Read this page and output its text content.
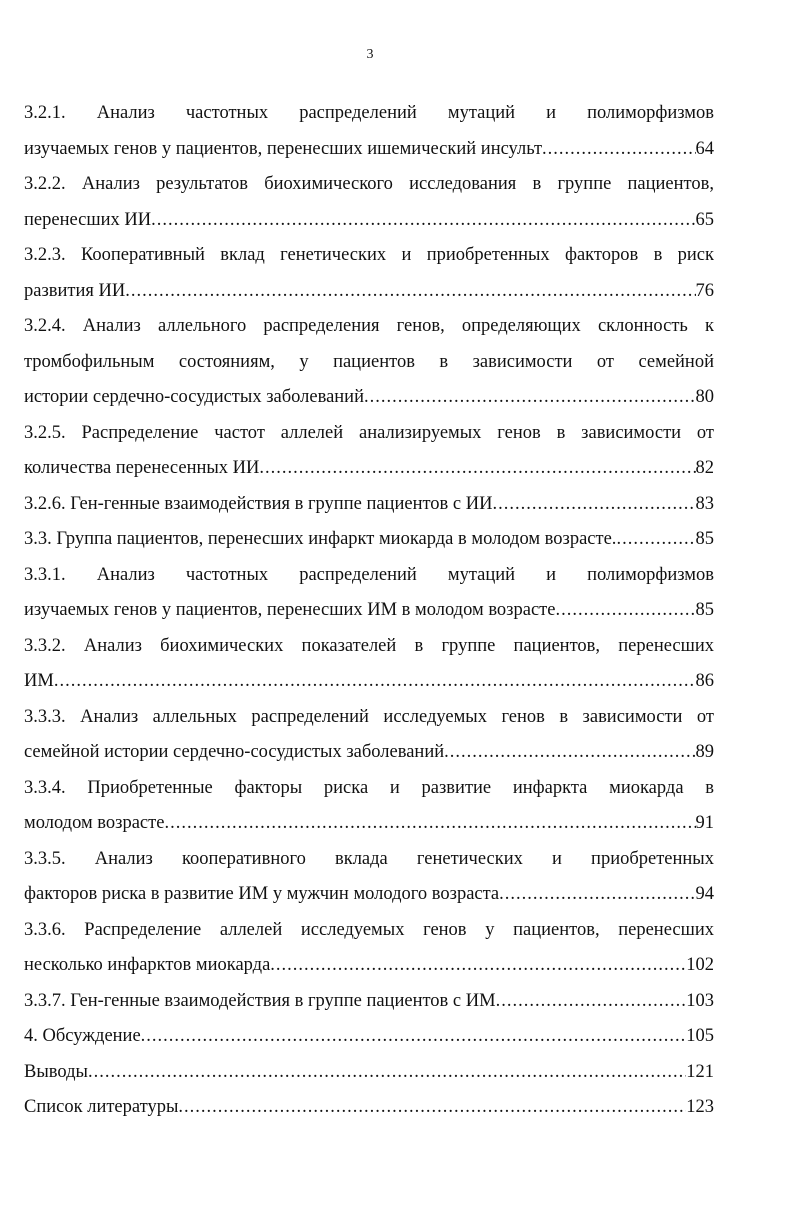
3
3.2.1. Анализ частотных распределений мутаций и полиморфизмов
изучаемых генов у пациентов, перенесших ишемический инсульт .....	64
3.2.2. Анализ результатов биохимического исследования в группе пациентов,
перенесших ИИ .....	65
3.2.3. Кооперативный вклад генетических и приобретенных факторов в риск
развития ИИ .....	76
3.2.4. Анализ аллельного распределения генов, определяющих склонность к
тромбофильным состояниям, у пациентов в зависимости от семейной
истории сердечно-сосудистых заболеваний .....	80
3.2.5. Распределение частот аллелей анализируемых генов в зависимости от
количества перенесенных ИИ .....	82
3.2.6. Ген-генные взаимодействия в группе пациентов с ИИ .....	83
3.3. Группа пациентов, перенесших инфаркт миокарда в молодом возрасте. .....	85
3.3.1. Анализ частотных распределений мутаций и полиморфизмов
изучаемых генов у пациентов, перенесших ИМ в молодом возрасте .....	85
3.3.2. Анализ биохимических показателей в группе пациентов, перенесших
ИМ .....	86
3.3.3. Анализ аллельных распределений исследуемых генов в зависимости от
семейной истории сердечно-сосудистых заболеваний .....	89
3.3.4. Приобретенные факторы риска и развитие инфаркта миокарда в
молодом возрасте .....	91
3.3.5. Анализ кооперативного вклада генетических и приобретенных
факторов риска в развитие ИМ у мужчин молодого возраста .....	94
3.3.6. Распределение аллелей исследуемых генов у пациентов, перенесших
несколько инфарктов миокарда .....	102
3.3.7. Ген-генные взаимодействия в группе пациентов с ИМ .....	103
4. Обсуждение .....	105
Выводы .....	121
Список литературы .....	123
